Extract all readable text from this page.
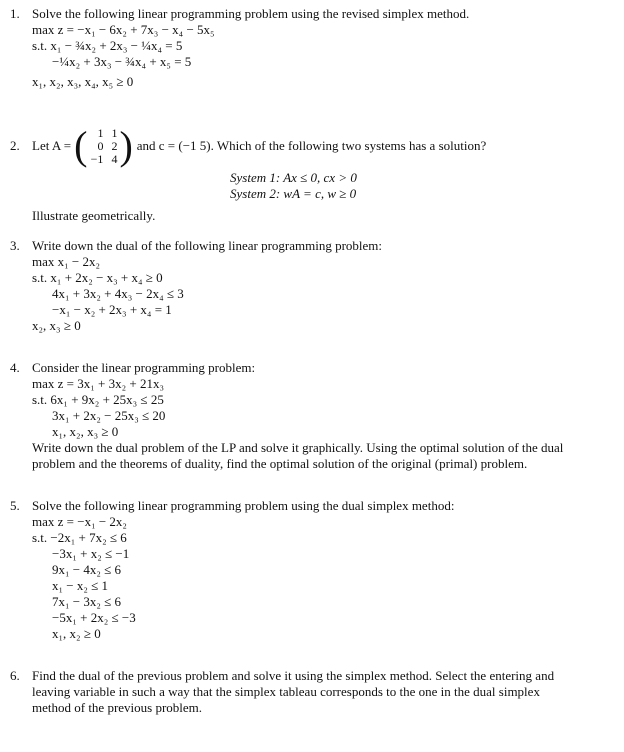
1. Solve the following linear programming problem using the revised simplex method.
max z = −x₁ − 6x₂ + 7x₃ − x₄ − 5x₅
s.t. x₁ − ¾x₂ + 2x₃ − ¼x₄ = 5
−¼x₂ + 3x₃ − ¾x₄ + x₅ = 5
x₁, x₂, x₃, x₄, x₅ ≥ 0
2. Let A = ( 1 1
0 2
−1 4 ) and c = (−1 5). Which of the following two systems has a solution?
System 1: Ax ≤ 0, cx > 0
System 2: wA = c, w ≥ 0
Illustrate geometrically.
3. Write down the dual of the following linear programming problem:
max x₁ − 2x₂
s.t. x₁ + 2x₂ − x₃ + x₄ ≥ 0
4x₁ + 3x₂ + 4x₃ − 2x₄ ≤ 3
−x₁ − x₂ + 2x₃ + x₄ = 1
x₂, x₃ ≥ 0
4. Consider the linear programming problem:
max z = 3x₁ + 3x₂ + 21x₃
s.t. 6x₁ + 9x₂ + 25x₃ ≤ 25
3x₁ + 2x₂ − 25x₃ ≤ 20
x₁, x₂, x₃ ≥ 0
Write down the dual problem of the LP and solve it graphically. Using the optimal solution of the dual problem and the theorems of duality, find the optimal solution of the original (primal) problem.
5. Solve the following linear programming problem using the dual simplex method:
max z = −x₁ − 2x₂
s.t. −2x₁ + 7x₂ ≤ 6
−3x₁ + x₂ ≤ −1
9x₁ − 4x₂ ≤ 6
x₁ − x₂ ≤ 1
7x₁ − 3x₂ ≤ 6
−5x₁ + 2x₂ ≤ −3
x₁, x₂ ≥ 0
6. Find the dual of the previous problem and solve it using the simplex method. Select the entering and leaving variable in such a way that the simplex tableau corresponds to the one in the dual simplex method of the previous problem.
